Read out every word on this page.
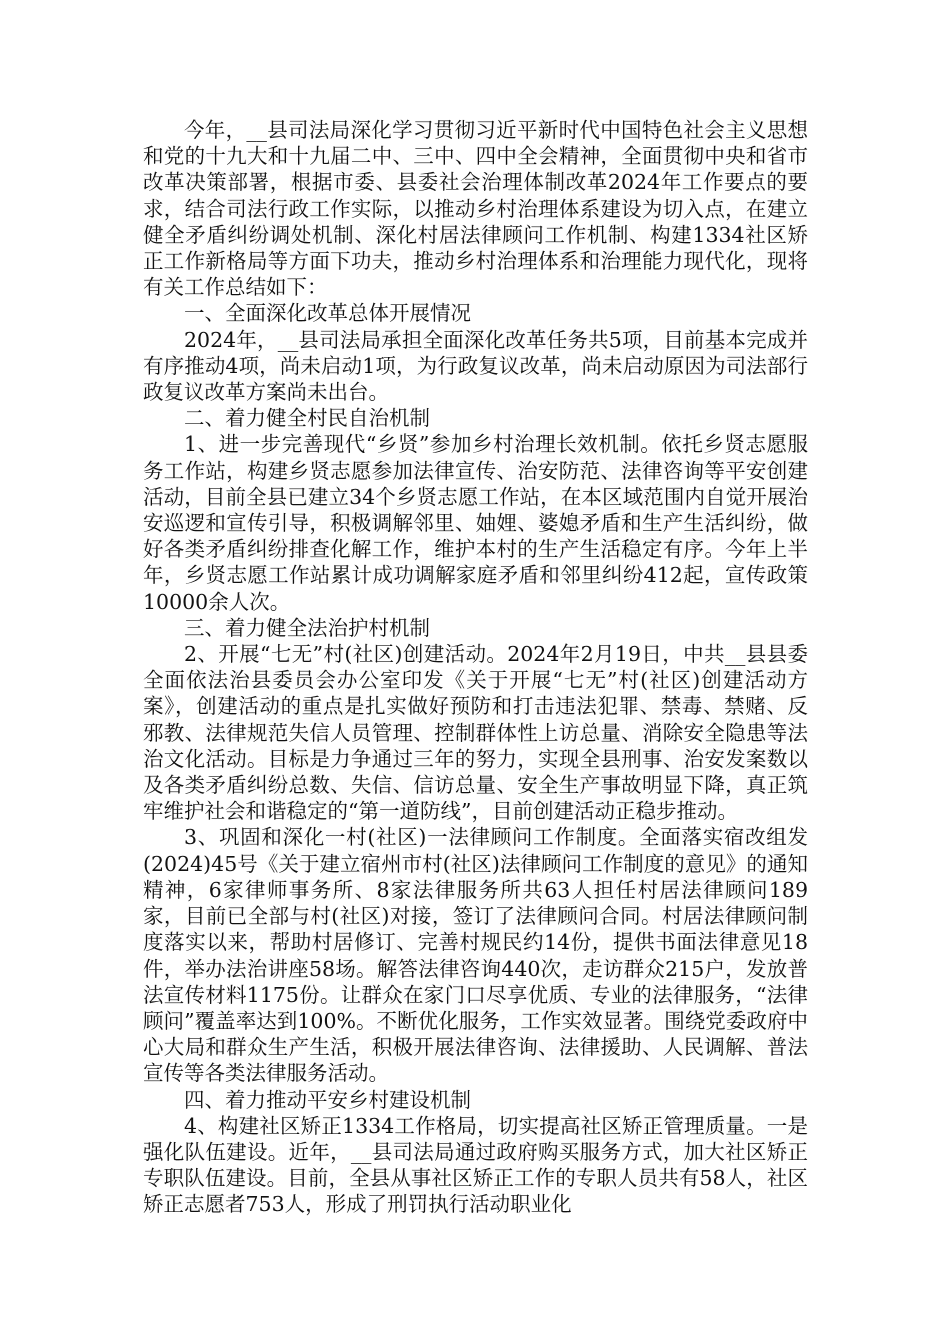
今年，__县司法局深化学习贯彻习近平新时代中国特色社会主义思想和党的十九大和十九届二中、三中、四中全会精神，全面贯彻中央和省市改革决策部署，根据市委、县委社会治理体制改革2024年工作要点的要求，结合司法行政工作实际，以推动乡村治理体系建设为切入点，在建立健全矛盾纠纷调处机制、深化村居法律顾问工作机制、构建1334社区矫正工作新格局等方面下功夫，推动乡村治理体系和治理能力现代化，现将有关工作总结如下：

一、全面深化改革总体开展情况

2024年，__县司法局承担全面深化改革任务共5项，目前基本完成并有序推动4项，尚未启动1项，为行政复议改革，尚未启动原因为司法部行政复议改革方案尚未出台。

二、着力健全村民自治机制

1、进一步完善现代“乡贤”参加乡村治理长效机制。依托乡贤志愿服务工作站，构建乡贤志愿参加法律宣传、治安防范、法律咨询等平安创建活动，目前全县已建立34个乡贤志愿工作站，在本区域范围内自觉开展治安巡逻和宣传引导，积极调解邻里、妯娌、婆媳矛盾和生产生活纠纷，做好各类矛盾纠纷排查化解工作，维护本村的生产生活稳定有序。今年上半年，乡贤志愿工作站累计成功调解家庭矛盾和邻里纠纷412起，宣传政策10000余人次。

三、着力健全法治护村机制

2、开展“七无”村(社区)创建活动。2024年2月19日，中共__县县委全面依法治县委员会办公室印发《关于开展“七无”村(社区)创建活动方案》，创建活动的重点是扎实做好预防和打击违法犯罪、禁毒、禁赌、反邪教、法律规范失信人员管理、控制群体性上访总量、消除安全隐患等法治文化活动。目标是力争通过三年的努力，实现全县刑事、治安发案数以及各类矛盾纠纷总数、失信、信访总量、安全生产事故明显下降，真正筑牢维护社会和谐稳定的“第一道防线”，目前创建活动正稳步推动。

3、巩固和深化一村(社区)一法律顾问工作制度。全面落实宿改组发(2024)45号《关于建立宿州市村(社区)法律顾问工作制度的意见》的通知精神，6家律师事务所、8家法律服务所共63人担任村居法律顾问189家，目前已全部与村(社区)对接，签订了法律顾问合同。村居法律顾问制度落实以来，帮助村居修订、完善村规民约14份，提供书面法律意见18件，举办法治讲座58场。解答法律咨询440次，走访群众215户，发放普法宣传材料1175份。让群众在家门口尽享优质、专业的法律服务，“法律顾问”覆盖率达到100%。不断优化服务，工作实效显著。围绕党委政府中心大局和群众生产生活，积极开展法律咨询、法律援助、人民调解、普法宣传等各类法律服务活动。

四、着力推动平安乡村建设机制

4、构建社区矫正1334工作格局，切实提高社区矫正管理质量。一是强化队伍建设。近年，__县司法局通过政府购买服务方式，加大社区矫正专职队伍建设。目前，全县从事社区矫正工作的专职人员共有58人，社区矫正志愿者753人，形成了刑罚执行活动职业化
